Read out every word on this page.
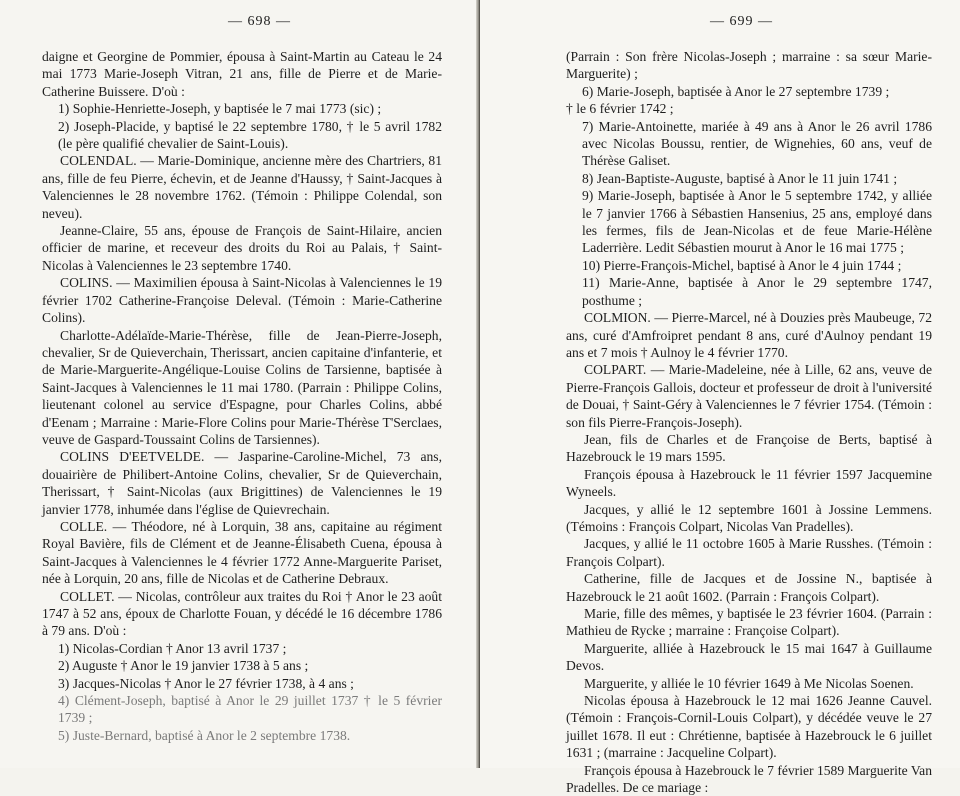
— 698 —

daigne et Georgine de Pommier, épousa à Saint-Martin au Cateau le 24 mai 1773 Marie-Joseph Vitran, 21 ans, fille de Pierre et de Marie-Catherine Buissere. D'où :

1) Sophie-Henriette-Joseph, y baptisée le 7 mai 1773 (sic) ;

2) Joseph-Placide, y baptisé le 22 septembre 1780, † le 5 avril 1782 (le père qualifié chevalier de Saint-Louis).

COLENDAL. — Marie-Dominique, ancienne mère des Chartriers, 81 ans, fille de feu Pierre, échevin, et de Jeanne d'Haussy, † Saint-Jacques à Valenciennes le 28 novembre 1762. (Témoin : Philippe Colendal, son neveu).

Jeanne-Claire, 55 ans, épouse de François de Saint-Hilaire, ancien officier de marine, et receveur des droits du Roi au Palais, † Saint-Nicolas à Valenciennes le 23 septembre 1740.

COLINS. — Maximilien épousa à Saint-Nicolas à Valenciennes le 19 février 1702 Catherine-Françoise Deleval. (Témoin : Marie-Catherine Colins).

Charlotte-Adélaïde-Marie-Thérèse, fille de Jean-Pierre-Joseph, chevalier, Sr de Quieverchain, Therissart, ancien capitaine d'infanterie, et de Marie-Marguerite-Angélique-Louise Colins de Tarsienne, baptisée à Saint-Jacques à Valenciennes le 11 mai 1780. (Parrain : Philippe Colins, lieutenant colonel au service d'Espagne, pour Charles Colins, abbé d'Eenam ; Marraine : Marie-Flore Colins pour Marie-Thérèse T'Serclaes, veuve de Gaspard-Toussaint Colins de Tarsiennes).

COLINS D'EETVELDE. — Jasparine-Caroline-Michel, 73 ans, douairière de Philibert-Antoine Colins, chevalier, Sr de Quieverchain, Therissart, † Saint-Nicolas (aux Brigittines) de Valenciennes le 19 janvier 1778, inhumée dans l'église de Quievrechain.

COLLE. — Théodore, né à Lorquin, 38 ans, capitaine au régiment Royal Bavière, fils de Clément et de Jeanne-Élisabeth Cuena, épousa à Saint-Jacques à Valenciennes le 4 février 1772 Anne-Marguerite Pariset, née à Lorquin, 20 ans, fille de Nicolas et de Catherine Debraux.

COLLET. — Nicolas, contrôleur aux traites du Roi † Anor le 23 août 1747 à 52 ans, époux de Charlotte Fouan, y décédé le 16 décembre 1786 à 79 ans. D'où :

1) Nicolas-Cordian † Anor 13 avril 1737 ;

2) Auguste † Anor le 19 janvier 1738 à 5 ans ;

3) Jacques-Nicolas † Anor le 27 février 1738, à 4 ans ;

4) Clément-Joseph, baptisé à Anor le 29 juillet 1737 † le 5 février 1739 ;

5) Juste-Bernard, baptisé à Anor le 2 septembre 1738.

— 699 —

(Parrain : Son frère Nicolas-Joseph ; marraine : sa sœur Marie-Marguerite) ;

6) Marie-Joseph, baptisée à Anor le 27 septembre 1739 ;

† le 6 février 1742 ;

7) Marie-Antoinette, mariée à 49 ans à Anor le 26 avril 1786 avec Nicolas Boussu, rentier, de Wignehies, 60 ans, veuf de Thérèse Galiset.

8) Jean-Baptiste-Auguste, baptisé à Anor le 11 juin 1741 ;

9) Marie-Joseph, baptisée à Anor le 5 septembre 1742, y alliée le 7 janvier 1766 à Sébastien Hansenius, 25 ans, employé dans les fermes, fils de Jean-Nicolas et de feue Marie-Hélène Laderrière. Ledit Sébastien mourut à Anor le 16 mai 1775 ;

10) Pierre-François-Michel, baptisé à Anor le 4 juin 1744 ;

11) Marie-Anne, baptisée à Anor le 29 septembre 1747, posthume ;

COLMION. — Pierre-Marcel, né à Douzies près Maubeuge, 72 ans, curé d'Amfroipret pendant 8 ans, curé d'Aulnoy pendant 19 ans et 7 mois † Aulnoy le 4 février 1770.

COLPART. — Marie-Madeleine, née à Lille, 62 ans, veuve de Pierre-François Gallois, docteur et professeur de droit à l'université de Douai, † Saint-Géry à Valenciennes le 7 février 1754. (Témoin : son fils Pierre-François-Joseph).

Jean, fils de Charles et de Françoise de Berts, baptisé à Hazebrouck le 19 mars 1595.

François épousa à Hazebrouck le 11 février 1597 Jacquemine Wyneels.

Jacques, y allié le 12 septembre 1601 à Jossine Lemmens. (Témoins : François Colpart, Nicolas Van Pradelles).

Jacques, y allié le 11 octobre 1605 à Marie Russhes. (Témoin : François Colpart).

Catherine, fille de Jacques et de Jossine N., baptisée à Hazebrouck le 21 août 1602. (Parrain : François Colpart).

Marie, fille des mêmes, y baptisée le 23 février 1604. (Parrain : Mathieu de Rycke ; marraine : Françoise Colpart).

Marguerite, alliée à Hazebrouck le 15 mai 1647 à Guillaume Devos.

Marguerite, y alliée le 10 février 1649 à Me Nicolas Soenen.

Nicolas épousa à Hazebrouck le 12 mai 1626 Jeanne Cauvel. (Témoin : François-Cornil-Louis Colpart), y décédée veuve le 27 juillet 1678. Il eut : Chrétienne, baptisée à Hazebrouck le 6 juillet 1631 ; (marraine : Jacqueline Colpart).

François épousa à Hazebrouck le 7 février 1589 Marguerite Van Pradelles. De ce mariage :
